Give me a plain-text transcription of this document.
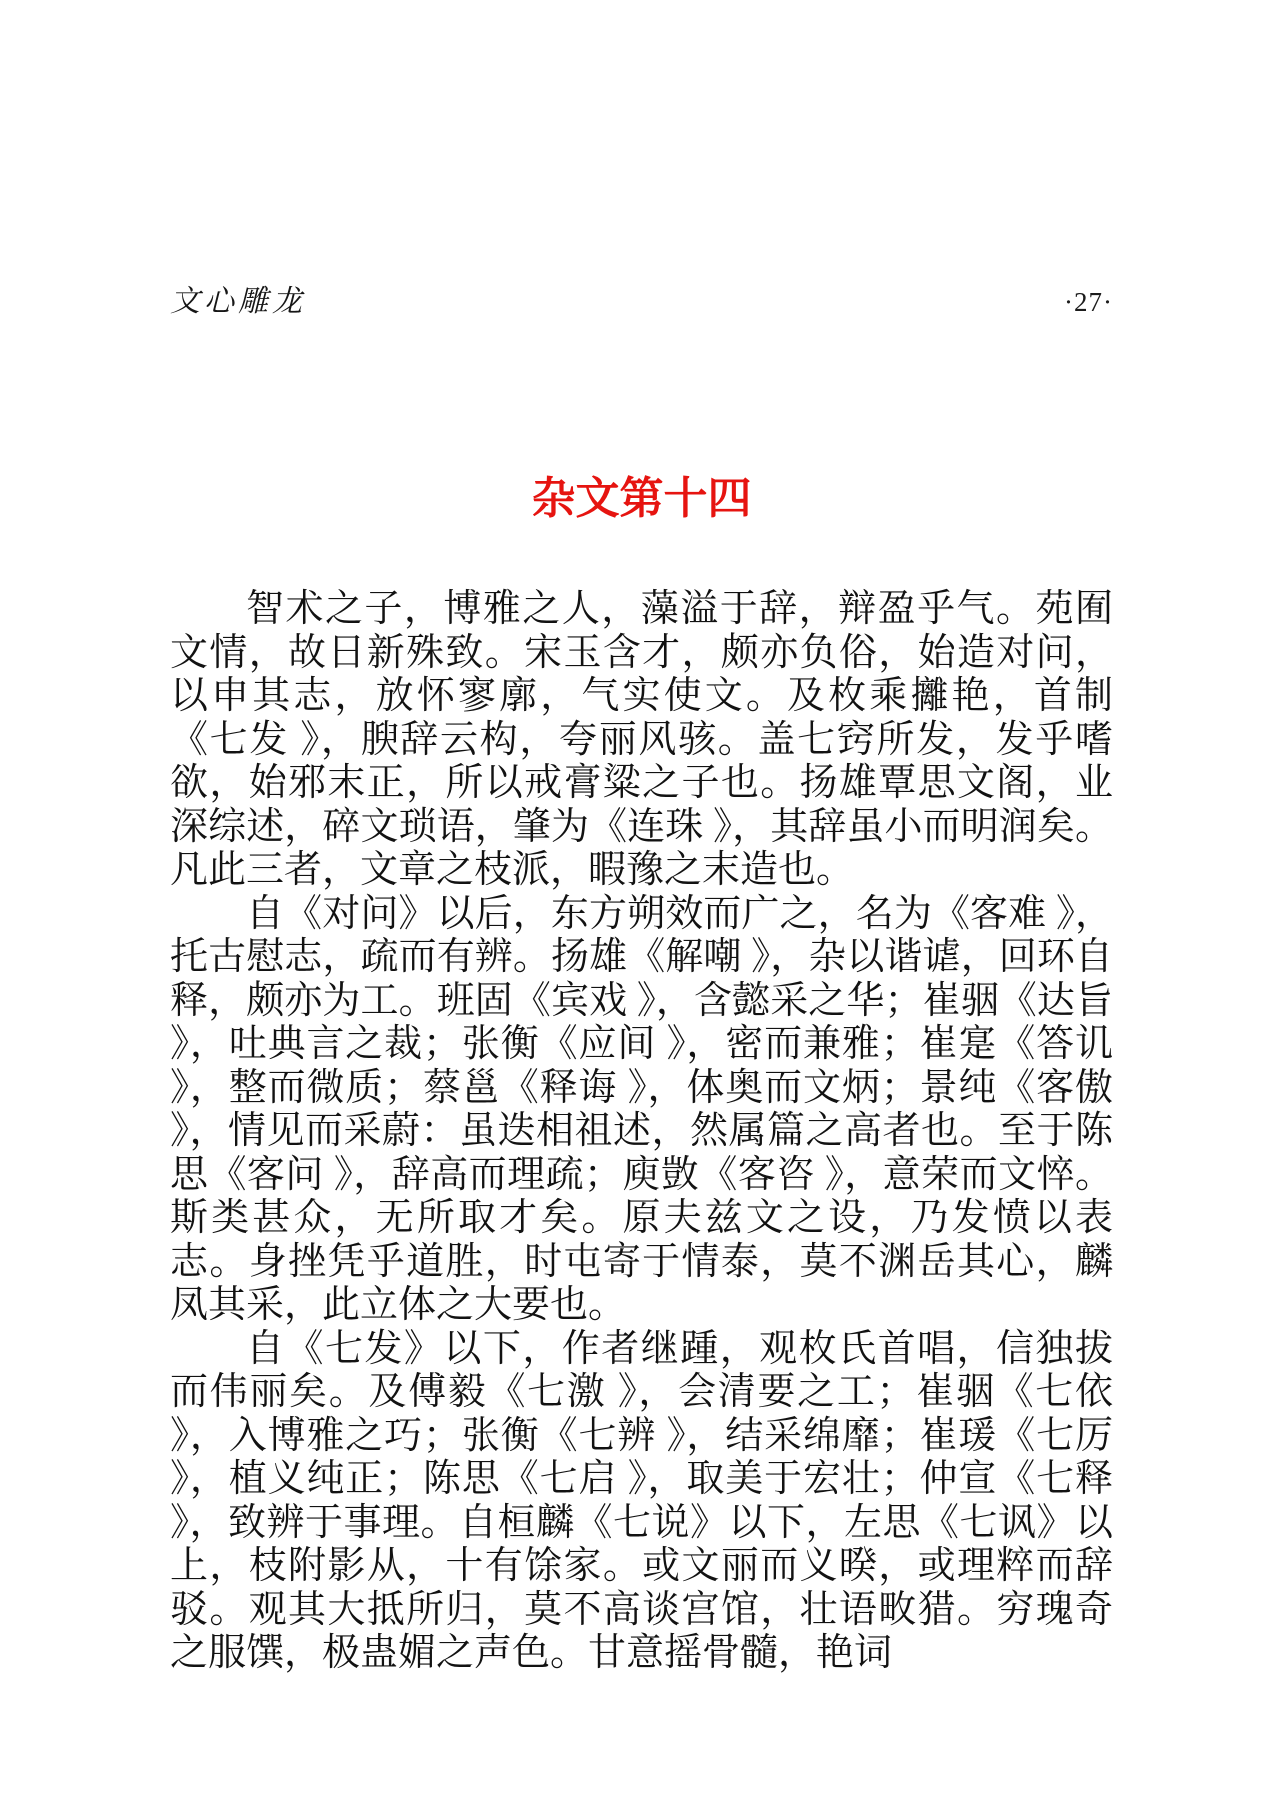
文心雕龙	·27·
杂文第十四

智术之子，博雅之人，藻溢于辞，辩盈乎气。苑囿文情，故日新殊致。宋玉含才，颇亦负俗，始造对问，以申其志，放怀寥廓，气实使文。及枚乘攡艳，首制《七发 》，腴辞云构，夸丽风骇。盖七窍所发，发乎嗜欲，始邪末正，所以戒膏粱之子也。扬雄覃思文阁，业深综述，碎文琐语，肇为《连珠 》，其辞虽小而明润矣。凡此三者，文章之枝派，暇豫之末造也。

自《对问》以后，东方朔效而广之，名为《客难 》，托古慰志，疏而有辨。扬雄《解嘲 》，杂以谐谑，回环自释，颇亦为工。班固《宾戏 》，含懿采之华；崔骃《达旨 》，吐典言之裁；张衡《应间 》，密而兼雅；崔寔《答讥 》，整而微质；蔡邕《释诲 》，体奥而文炳；景纯《客傲 》，情见而采蔚：虽迭相祖述，然属篇之高者也。至于陈思《客问 》，辞高而理疏；庾敳《客咨 》，意荣而文悴。斯类甚众，无所取才矣。原夫兹文之设，乃发愤以表志。身挫凭乎道胜，时屯寄于情泰，莫不渊岳其心，麟凤其采，此立体之大要也。

自《七发》以下，作者继踵，观枚氏首唱，信独拔而伟丽矣。及傅毅《七激 》，会清要之工；崔骃《七依 》，入博雅之巧；张衡《七辨 》，结采绵靡；崔瑗《七厉 》，植义纯正；陈思《七启 》，取美于宏壮；仲宣《七释 》，致辨于事理。自桓麟《七说》以下，左思《七讽》以上，枝附影从，十有馀家。或文丽而义暌，或理粹而辞驳。观其大抵所归，莫不高谈宫馆，壮语畋猎。穷瑰奇之服馔，极蛊媚之声色。甘意摇骨髓，艳词
